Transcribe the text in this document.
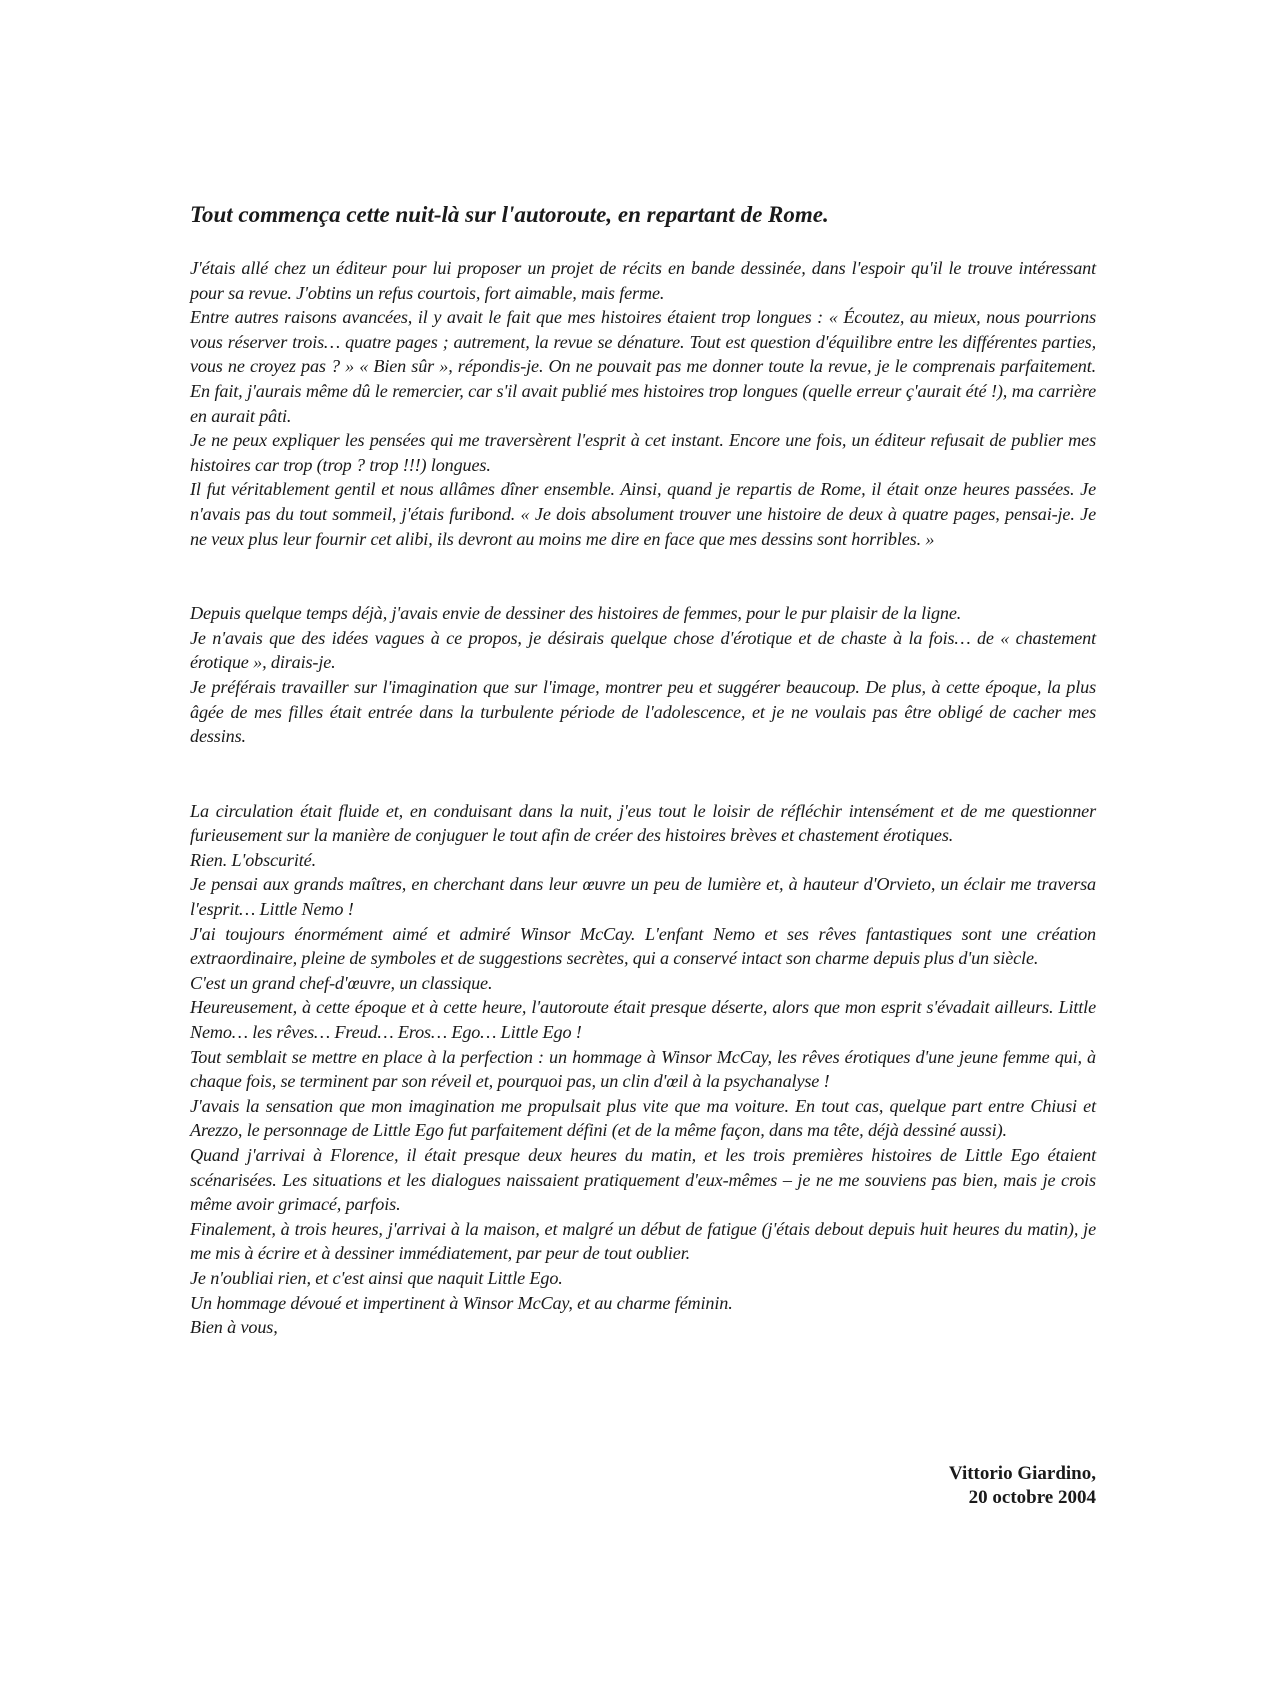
Tout commença cette nuit-là sur l'autoroute, en repartant de Rome.

J'étais allé chez un éditeur pour lui proposer un projet de récits en bande dessinée, dans l'espoir qu'il le trouve intéressant pour sa revue. J'obtins un refus courtois, fort aimable, mais ferme.

Entre autres raisons avancées, il y avait le fait que mes histoires étaient trop longues : « Écoutez, au mieux, nous pourrions vous réserver trois… quatre pages ; autrement, la revue se dénature. Tout est question d'équilibre entre les différentes parties, vous ne croyez pas ? » « Bien sûr », répondis-je. On ne pouvait pas me donner toute la revue, je le comprenais parfaitement. En fait, j'aurais même dû le remercier, car s'il avait publié mes histoires trop longues (quelle erreur ç'aurait été !), ma carrière en aurait pâti.

Je ne peux expliquer les pensées qui me traversèrent l'esprit à cet instant. Encore une fois, un éditeur refusait de publier mes histoires car trop (trop ? trop !!!) longues.

Il fut véritablement gentil et nous allâmes dîner ensemble. Ainsi, quand je repartis de Rome, il était onze heures passées. Je n'avais pas du tout sommeil, j'étais furibond. « Je dois absolument trouver une histoire de deux à quatre pages, pensai-je. Je ne veux plus leur fournir cet alibi, ils devront au moins me dire en face que mes dessins sont horribles. »

Depuis quelque temps déjà, j'avais envie de dessiner des histoires de femmes, pour le pur plaisir de la ligne.

Je n'avais que des idées vagues à ce propos, je désirais quelque chose d'érotique et de chaste à la fois… de « chastement érotique », dirais-je.

Je préférais travailler sur l'imagination que sur l'image, montrer peu et suggérer beaucoup. De plus, à cette époque, la plus âgée de mes filles était entrée dans la turbulente période de l'adolescence, et je ne voulais pas être obligé de cacher mes dessins.

La circulation était fluide et, en conduisant dans la nuit, j'eus tout le loisir de réfléchir intensément et de me questionner furieusement sur la manière de conjuguer le tout afin de créer des histoires brèves et chastement érotiques.

Rien. L'obscurité.

Je pensai aux grands maîtres, en cherchant dans leur œuvre un peu de lumière et, à hauteur d'Orvieto, un éclair me traversa l'esprit… Little Nemo !

J'ai toujours énormément aimé et admiré Winsor McCay. L'enfant Nemo et ses rêves fantastiques sont une création extraordinaire, pleine de symboles et de suggestions secrètes, qui a conservé intact son charme depuis plus d'un siècle.

C'est un grand chef-d'œuvre, un classique.

Heureusement, à cette époque et à cette heure, l'autoroute était presque déserte, alors que mon esprit s'évadait ailleurs. Little Nemo… les rêves… Freud… Eros… Ego… Little Ego !

Tout semblait se mettre en place à la perfection : un hommage à Winsor McCay, les rêves érotiques d'une jeune femme qui, à chaque fois, se terminent par son réveil et, pourquoi pas, un clin d'œil à la psychanalyse !

J'avais la sensation que mon imagination me propulsait plus vite que ma voiture. En tout cas, quelque part entre Chiusi et Arezzo, le personnage de Little Ego fut parfaitement défini (et de la même façon, dans ma tête, déjà dessiné aussi).

Quand j'arrivai à Florence, il était presque deux heures du matin, et les trois premières histoires de Little Ego étaient scénarisées. Les situations et les dialogues naissaient pratiquement d'eux-mêmes – je ne me souviens pas bien, mais je crois même avoir grimacé, parfois.

Finalement, à trois heures, j'arrivai à la maison, et malgré un début de fatigue (j'étais debout depuis huit heures du matin), je me mis à écrire et à dessiner immédiatement, par peur de tout oublier.

Je n'oubliai rien, et c'est ainsi que naquit Little Ego.

Un hommage dévoué et impertinent à Winsor McCay, et au charme féminin.

Bien à vous,

Vittorio Giardino,
20 octobre 2004
